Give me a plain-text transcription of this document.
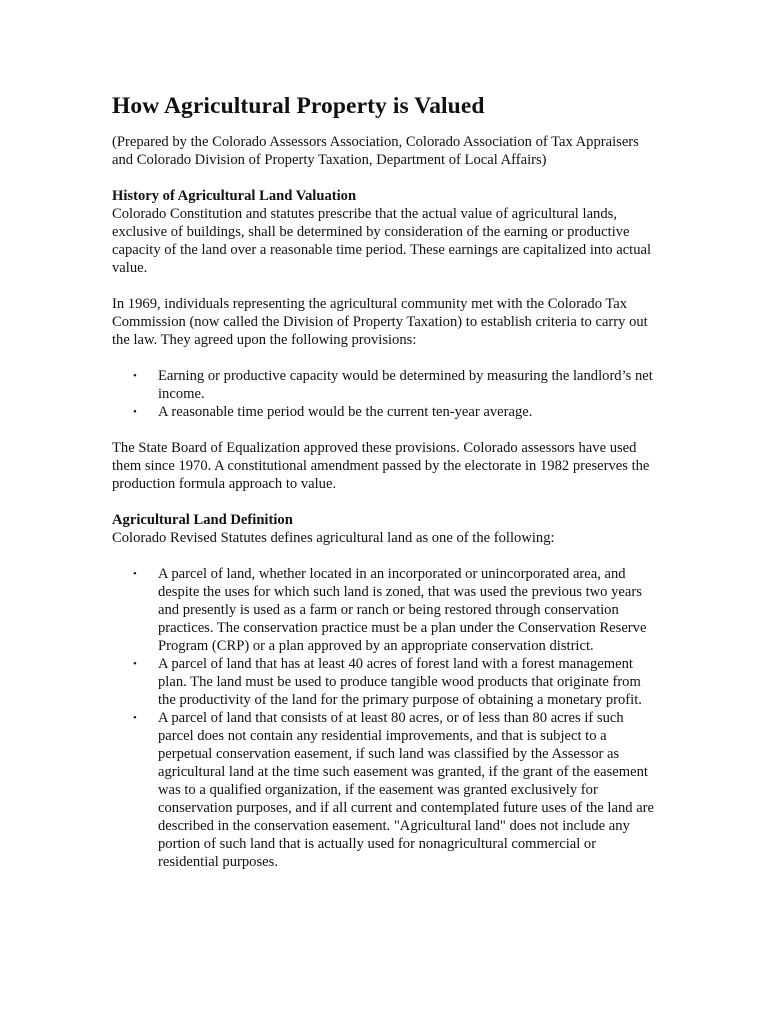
How Agricultural Property is Valued

(Prepared by the Colorado Assessors Association, Colorado Association of Tax Appraisers and Colorado Division of Property Taxation, Department of Local Affairs)

History of Agricultural Land Valuation

Colorado Constitution and statutes prescribe that the actual value of agricultural lands, exclusive of buildings, shall be determined by consideration of the earning or productive capacity of the land over a reasonable time period. These earnings are capitalized into actual value.

In 1969, individuals representing the agricultural community met with the Colorado Tax Commission (now called the Division of Property Taxation) to establish criteria to carry out the law. They agreed upon the following provisions:

• Earning or productive capacity would be determined by measuring the landlord’s net income.
• A reasonable time period would be the current ten-year average.

The State Board of Equalization approved these provisions. Colorado assessors have used them since 1970. A constitutional amendment passed by the electorate in 1982 preserves the production formula approach to value.

Agricultural Land Definition

Colorado Revised Statutes defines agricultural land as one of the following:

• A parcel of land, whether located in an incorporated or unincorporated area, and despite the uses for which such land is zoned, that was used the previous two years and presently is used as a farm or ranch or being restored through conservation practices. The conservation practice must be a plan under the Conservation Reserve Program (CRP) or a plan approved by an appropriate conservation district.
• A parcel of land that has at least 40 acres of forest land with a forest management plan. The land must be used to produce tangible wood products that originate from the productivity of the land for the primary purpose of obtaining a monetary profit.
• A parcel of land that consists of at least 80 acres, or of less than 80 acres if such parcel does not contain any residential improvements, and that is subject to a perpetual conservation easement, if such land was classified by the Assessor as agricultural land at the time such easement was granted, if the grant of the easement was to a qualified organization, if the easement was granted exclusively for conservation purposes, and if all current and contemplated future uses of the land are described in the conservation easement. "Agricultural land" does not include any portion of such land that is actually used for nonagricultural commercial or residential purposes.
